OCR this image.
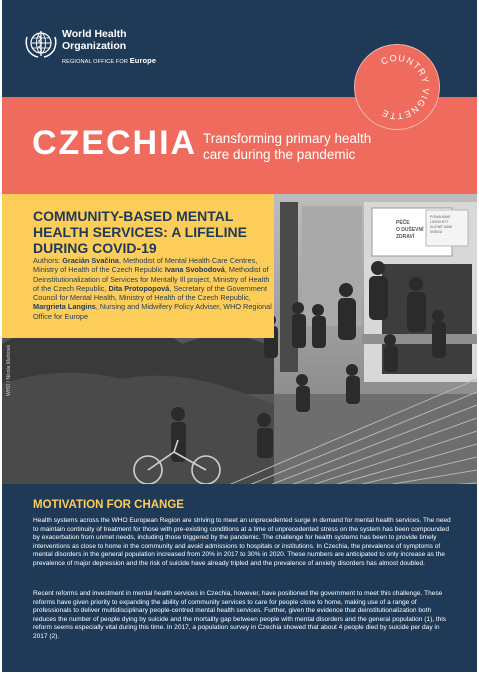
World Health
Organization
REGIONAL OFFICE FOR Europe	COUNTRY VIGNETTE
CZECHIA Transforming primary health care during the pandemic
PÉČE
O DUŠEVNÍ
ZDRAVÍ
POMÁHÁME
LIDEM BÝT
KLIDNĚ SÁMI
SEBOU
COMMUNITY-BASED MENTAL HEALTH SERVICES: A LIFELINE DURING COVID-19
Authors: Gracián Svačina, Methodist of Mental Health Care Centres, Ministry of Health of the Czech Republic Ivana Svobodová, Methodist of Deinstitutionalization of Services for Mentally Ill project, Ministry of Health of the Czech Republic, Dita Protopopová, Secretary of the Government Council for Mental Health, Ministry of Health of the Czech Republic, Margrieta Langins, Nursing and Midwifery Policy Adviser, WHO Regional Office for Europe
WHO / Nikola Marková
MOTIVATION FOR CHANGE

Health systems across the WHO European Region are striving to meet an unprecedented surge in demand for mental health services. The need to maintain continuity of treatment for those with pre-existing conditions at a time of unprecedented stress on the system has been compounded by exacerbation from unmet needs, including those triggered by the pandemic. The challenge for health systems has been to provide timely interventions as close to home in the community and avoid admissions to hospitals or institutions. In Czechia, the prevalence of symptoms of mental disorders in the general population increased from 20% in 2017 to 30% in 2020. These numbers are anticipated to only increase as the prevalence of major depression and the risk of suicide have already tripled and the prevalence of anxiety disorders has almost doubled.

Recent reforms and investment in mental health services in Czechia, however, have positioned the government to meet this challenge. These reforms have given priority to expanding the ability of community services to care for people close to home, making use of a range of professionals to deliver multidisciplinary people-centred mental health services. Further, given the evidence that deinstitutionalization both reduces the number of people dying by suicide and the mortality gap between people with mental disorders and the general population (1), this reform seems especially vital during this time. In 2017, a population survey in Czechia showed that about 4 people died by suicide per day in 2017 (2).
